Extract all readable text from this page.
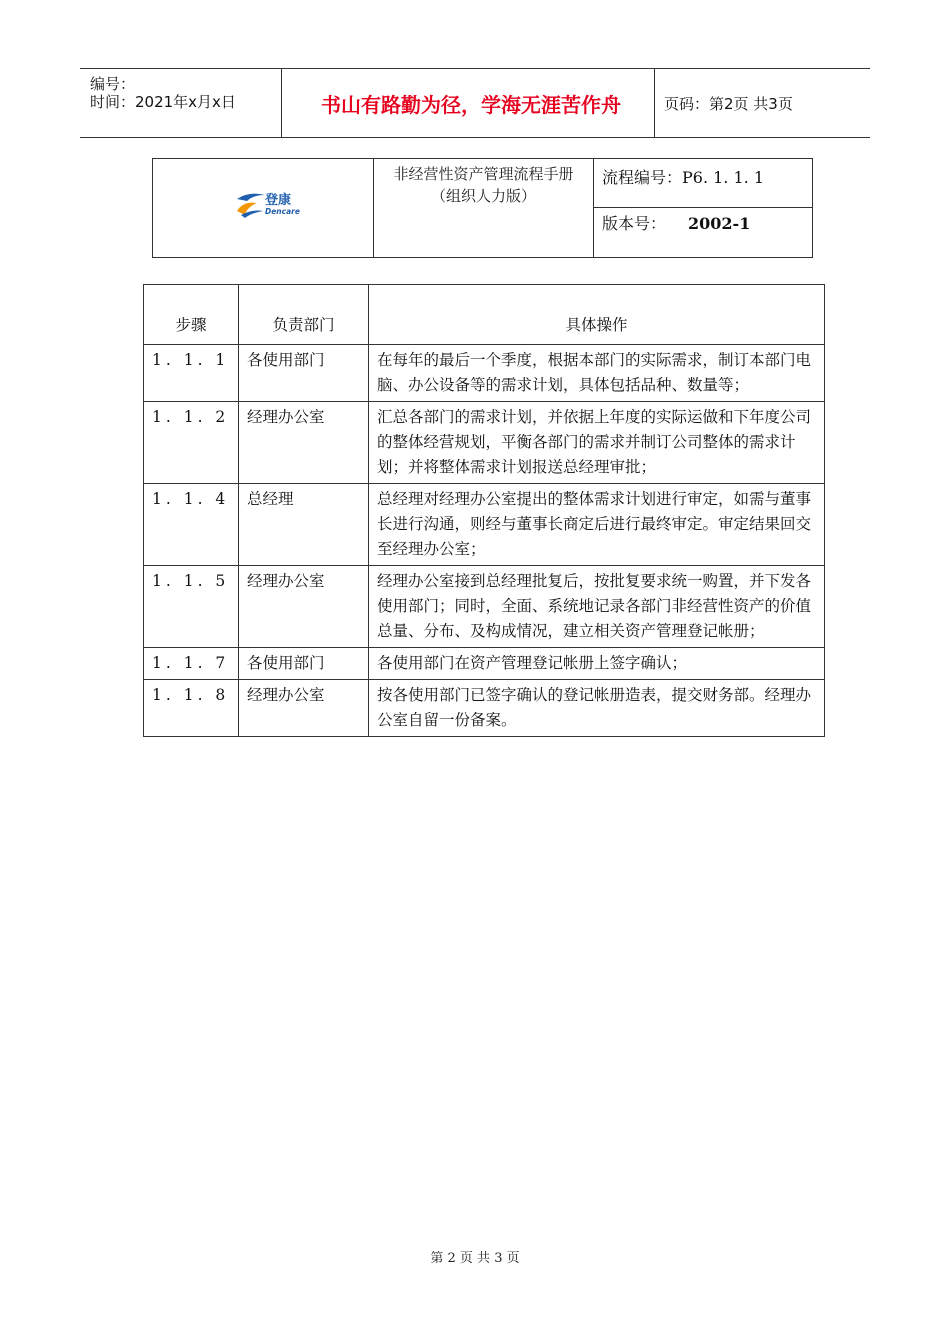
编号：
时间：2021年x月x日	书山有路勤为径，学海无涯苦作舟	页码：第2页 共3页
登康
Dencare
非经营性资产管理流程手册
（组织人力版）
流程编号：P6. 1. 1. 1
版本号： 2002-1
步骤	负责部门	具体操作
1. 1. 1	各使用部门	在每年的最后一个季度，根据本部门的实际需求，制订本部门电脑、办公设备等的需求计划，具体包括品种、数量等；
1. 1. 2	经理办公室	汇总各部门的需求计划，并依据上年度的实际运做和下年度公司的整体经营规划，平衡各部门的需求并制订公司整体的需求计划；并将整体需求计划报送总经理审批；
1. 1. 4	总经理	总经理对经理办公室提出的整体需求计划进行审定，如需与董事长进行沟通，则经与董事长商定后进行最终审定。审定结果回交至经理办公室；
1. 1. 5	经理办公室	经理办公室接到总经理批复后，按批复要求统一购置，并下发各使用部门；同时，全面、系统地记录各部门非经营性资产的价值总量、分布、及构成情况，建立相关资产管理登记帐册；
1. 1. 7	各使用部门	各使用部门在资产管理登记帐册上签字确认；
1. 1. 8	经理办公室	按各使用部门已签字确认的登记帐册造表，提交财务部。经理办公室自留一份备案。
第 2 页 共 3 页
